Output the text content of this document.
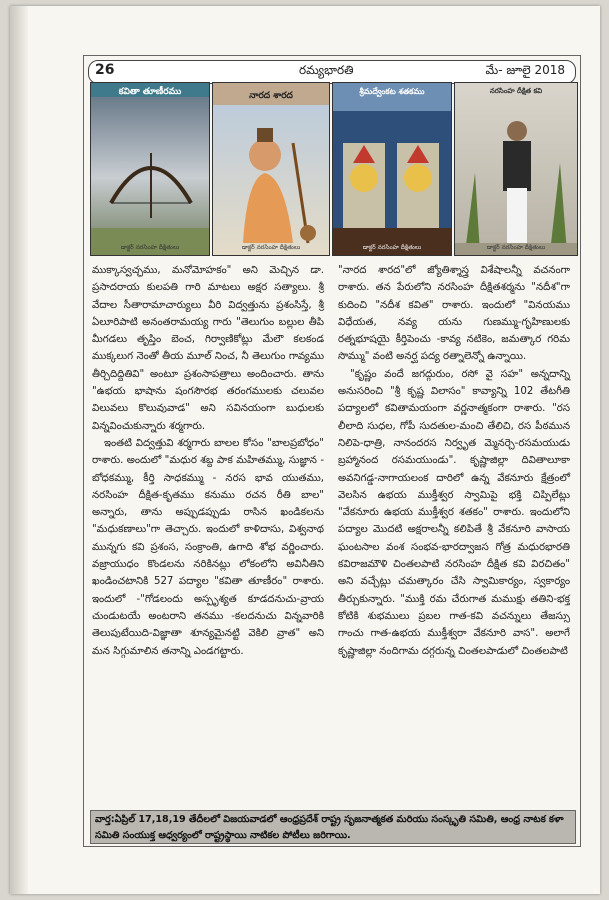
26	రమ్యభారతి	మే- జూలై 2018
కవితా తూణీరము
డాక్టర్ నరసింహ దీక్షితులు
నారద శారద
డాక్టర్ నరసింహ దీక్షితులు
శ్రీమద్వేంకట శతకము
డాక్టర్ నరసింహ దీక్షితులు
నరసింహ దీక్షిత కవి
డాక్టర్ నరసింహ దీక్షితులు

ముక్కాస్వచ్ఛము, మనోమోహకం" అని మెచ్చిన డా. ప్రసాదరాయ కులపతి గారి మాటలు అక్షర సత్యాలు. శ్రీ వేదాల సీతారామాచార్యులు వీరి విద్వత్తును ప్రశంసిస్తే, శ్రీ ఏలూరిపాటి అనంతరామయ్య గారు "తెలుగుం బల్లుల తీపి మీగడలు తృప్తిం బెంచ, గిర్వాణికోట్లు మేలౌ కలకండ ముక్కలుగ నెంతో తీయ మూల్ నించ, నీ తెలుగుం గావ్యము తీర్చిదిద్దితివి" అంటూ ప్రశంసాపత్రాలు అందించారు. తాను "ఉభయ భాషాను షంగసౌరభ తరంగములకు చలువల విలువలు కొలువువాడ" అని సవినయంగా బుధులకు విన్నవించుకున్నారు శర్మగారు.

ఇంతటి విద్వత్తువి శర్మగారు బాలల కోసం "బాలప్రబోధం" రాశారు. అందులో "మధుర శబ్ద పాక మహితమ్ము, సుజ్ఞాన - బోధకమ్ము, కీర్తి సాధకమ్ము - నరస భావ యుతము, నరసింహ దీక్షిత-కృతము కనుము రచన రీతి బాల" అన్నారు, తాను అప్పుడప్పుడు రాసిన ఖండికలను "మధుకణాలు"గా తెచ్చారు. ఇందులో కాళిదాసు, విశ్వనాథ మున్నగు కవి ప్రశంస, సంక్రాంతి, ఉగాది శోభ వర్ణించారు. వజ్రాయుధం కొండలను నరికినట్లు లోకంలోని అవినీతిని ఖండించటానికి 527 పద్యాల "కవితా తూణీరం" రాశారు. ఇందులో -"గోడలందు అస్పృశ్యత కూడదనుచు-వ్రాయ చుండుటయే అంటరాని తనము -కలదనుచు విన్నవారికి తెలుపుటేయిది-విజ్ఞాతా శూన్యమైనట్టి వెకిలి వ్రాత" అని మన సిగ్గుమాలిన తనాన్ని ఎండగట్టారు.

"నారద శారద"లో జ్యోతిశ్శాస్త్ర విశేషాలన్నీ వచనంగా రాశారు. తన పేరులోని నరసింహ దీక్షితశర్మను "నదీశ"గా కుదించి "నదీశ కవిత" రాశారు. ఇందులో "వినయము విధేయత, నవ్య యను గుణమ్ము-గృహిణులకు రత్నభూషయై కీర్తిపెంచు -కావ్య నటికెం, జమత్కార గరిమ సొమ్ము" వంటి అనర్ఘ పద్య రత్నాలెన్నో ఉన్నాయి.

"కృష్ణం వందే జగద్గురుం, రసో వై సహ" అన్నదాన్ని అనుసరించి "శ్రీ కృష్ణ విలాసం" కావ్యాన్ని 102 తేటగీతి పద్యాలలో కవితామయంగా వర్ణనాత్మకంగా రాశారు. "రస లీలాది సుధల, గోపీ సుదతుల-మంచి తేలిచి, రస పీఠమున నిలిపె-ధాత్రి, నానందరస నిర్వృత మ్మెనర్చె-రసమయుడు బ్రహ్మానంద రసమయుండు". కృష్ణాజిల్లా దివితాలూకా అవనిగడ్డ-నాగాయలంక దారిలో ఉన్న వేకనూరు క్షేత్రంలో వెలసిన ఉభయ ముక్తీశ్వర స్వామిపై భక్తి చిప్పిలేట్లు "వేకనూరు ఉభయ ముక్తీశ్వర శతకం" రాశారు. ఇందులోని పద్యాల మొదటి అక్షరాలన్నీ కలిపితే శ్రీ వేకనూరి వాసాయ ఘంటసాల వంశ సంభవ-భారద్వాజస గోత్ర మధురభారతి కవిరాజమౌళి చింతలపాటి నరసింహ దీక్షిత కవి విరచితం" అని వచ్చేట్లు చమత్కారం చేసి స్వామికార్యం, స్వకార్యం తీర్చుకున్నారు. "ముక్తి రమ చేరుగాత మముక్షు తతిని-భక్త కోటికి శుభములు ప్రబల గాత-కవి వచన్నులు తేజస్సు గాంచు గాత-ఉభయ ముక్తీశ్వరా వేకనూరి వాస". అలాగే కృష్ణాజిల్లా నందిగామ దగ్గరున్న చింతలపాడులో చింతలపాటి

వార్త:ఏప్రిల్ 17,18,19 తేదీలలో విజయవాడలో ఆంధ్రప్రదేశ్ రాష్ట్ర సృజనాత్మకత మరియు సంస్కృతి సమితి, ఆంధ్ర నాటక కళా సమితి సంయుక్త ఆధ్వర్యంలో రాష్ట్రస్థాయి నాటికల పోటీలు జరిగాయి.
